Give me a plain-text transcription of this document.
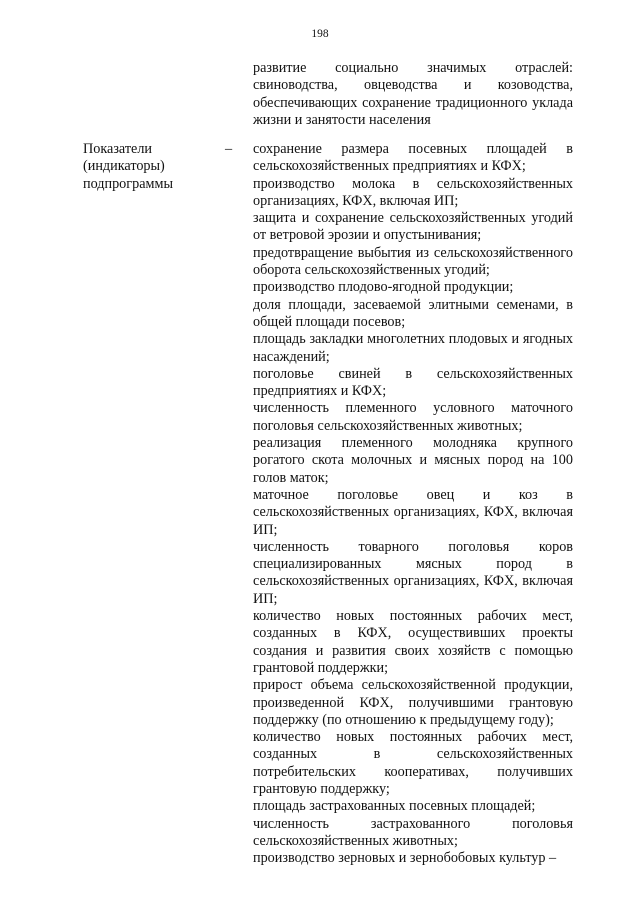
198

развитие социально значимых отраслей: свиноводства, овцеводства и козоводства, обеспечивающих сохранение традиционного уклада жизни и занятости населения

Показатели (индикаторы) подпрограммы
– сохранение размера посевных площадей в сельскохозяйственных предприятиях и КФХ;

производство молока в сельскохозяйственных организациях, КФХ, включая ИП;

защита и сохранение сельскохозяйственных угодий от ветровой эрозии и опустынивания;

предотвращение выбытия из сельскохозяйственного оборота сельскохозяйственных угодий;

производство плодово-ягодной продукции;

доля площади, засеваемой элитными семенами, в общей площади посевов;

площадь закладки многолетних плодовых и ягодных насаждений;

поголовье свиней в сельскохозяйственных предприятиях и КФХ;

численность племенного условного маточного поголовья сельскохозяйственных животных;

реализация племенного молодняка крупного рогатого скота молочных и мясных пород на 100 голов маток;

маточное поголовье овец и коз в сельскохозяйственных организациях, КФХ, включая ИП;

численность товарного поголовья коров специализированных мясных пород в сельскохозяйственных организациях, КФХ, включая ИП;

количество новых постоянных рабочих мест, созданных в КФХ, осуществивших проекты создания и развития своих хозяйств с помощью грантовой поддержки;

прирост объема сельскохозяйственной продукции, произведенной КФХ, получившими грантовую поддержку (по отношению к предыдущему году);

количество новых постоянных рабочих мест, созданных в сельскохозяйственных потребительских кооперативах, получивших грантовую поддержку;

площадь застрахованных посевных площадей;

численность застрахованного поголовья сельскохозяйственных животных;

производство зерновых и зернобобовых культур –
